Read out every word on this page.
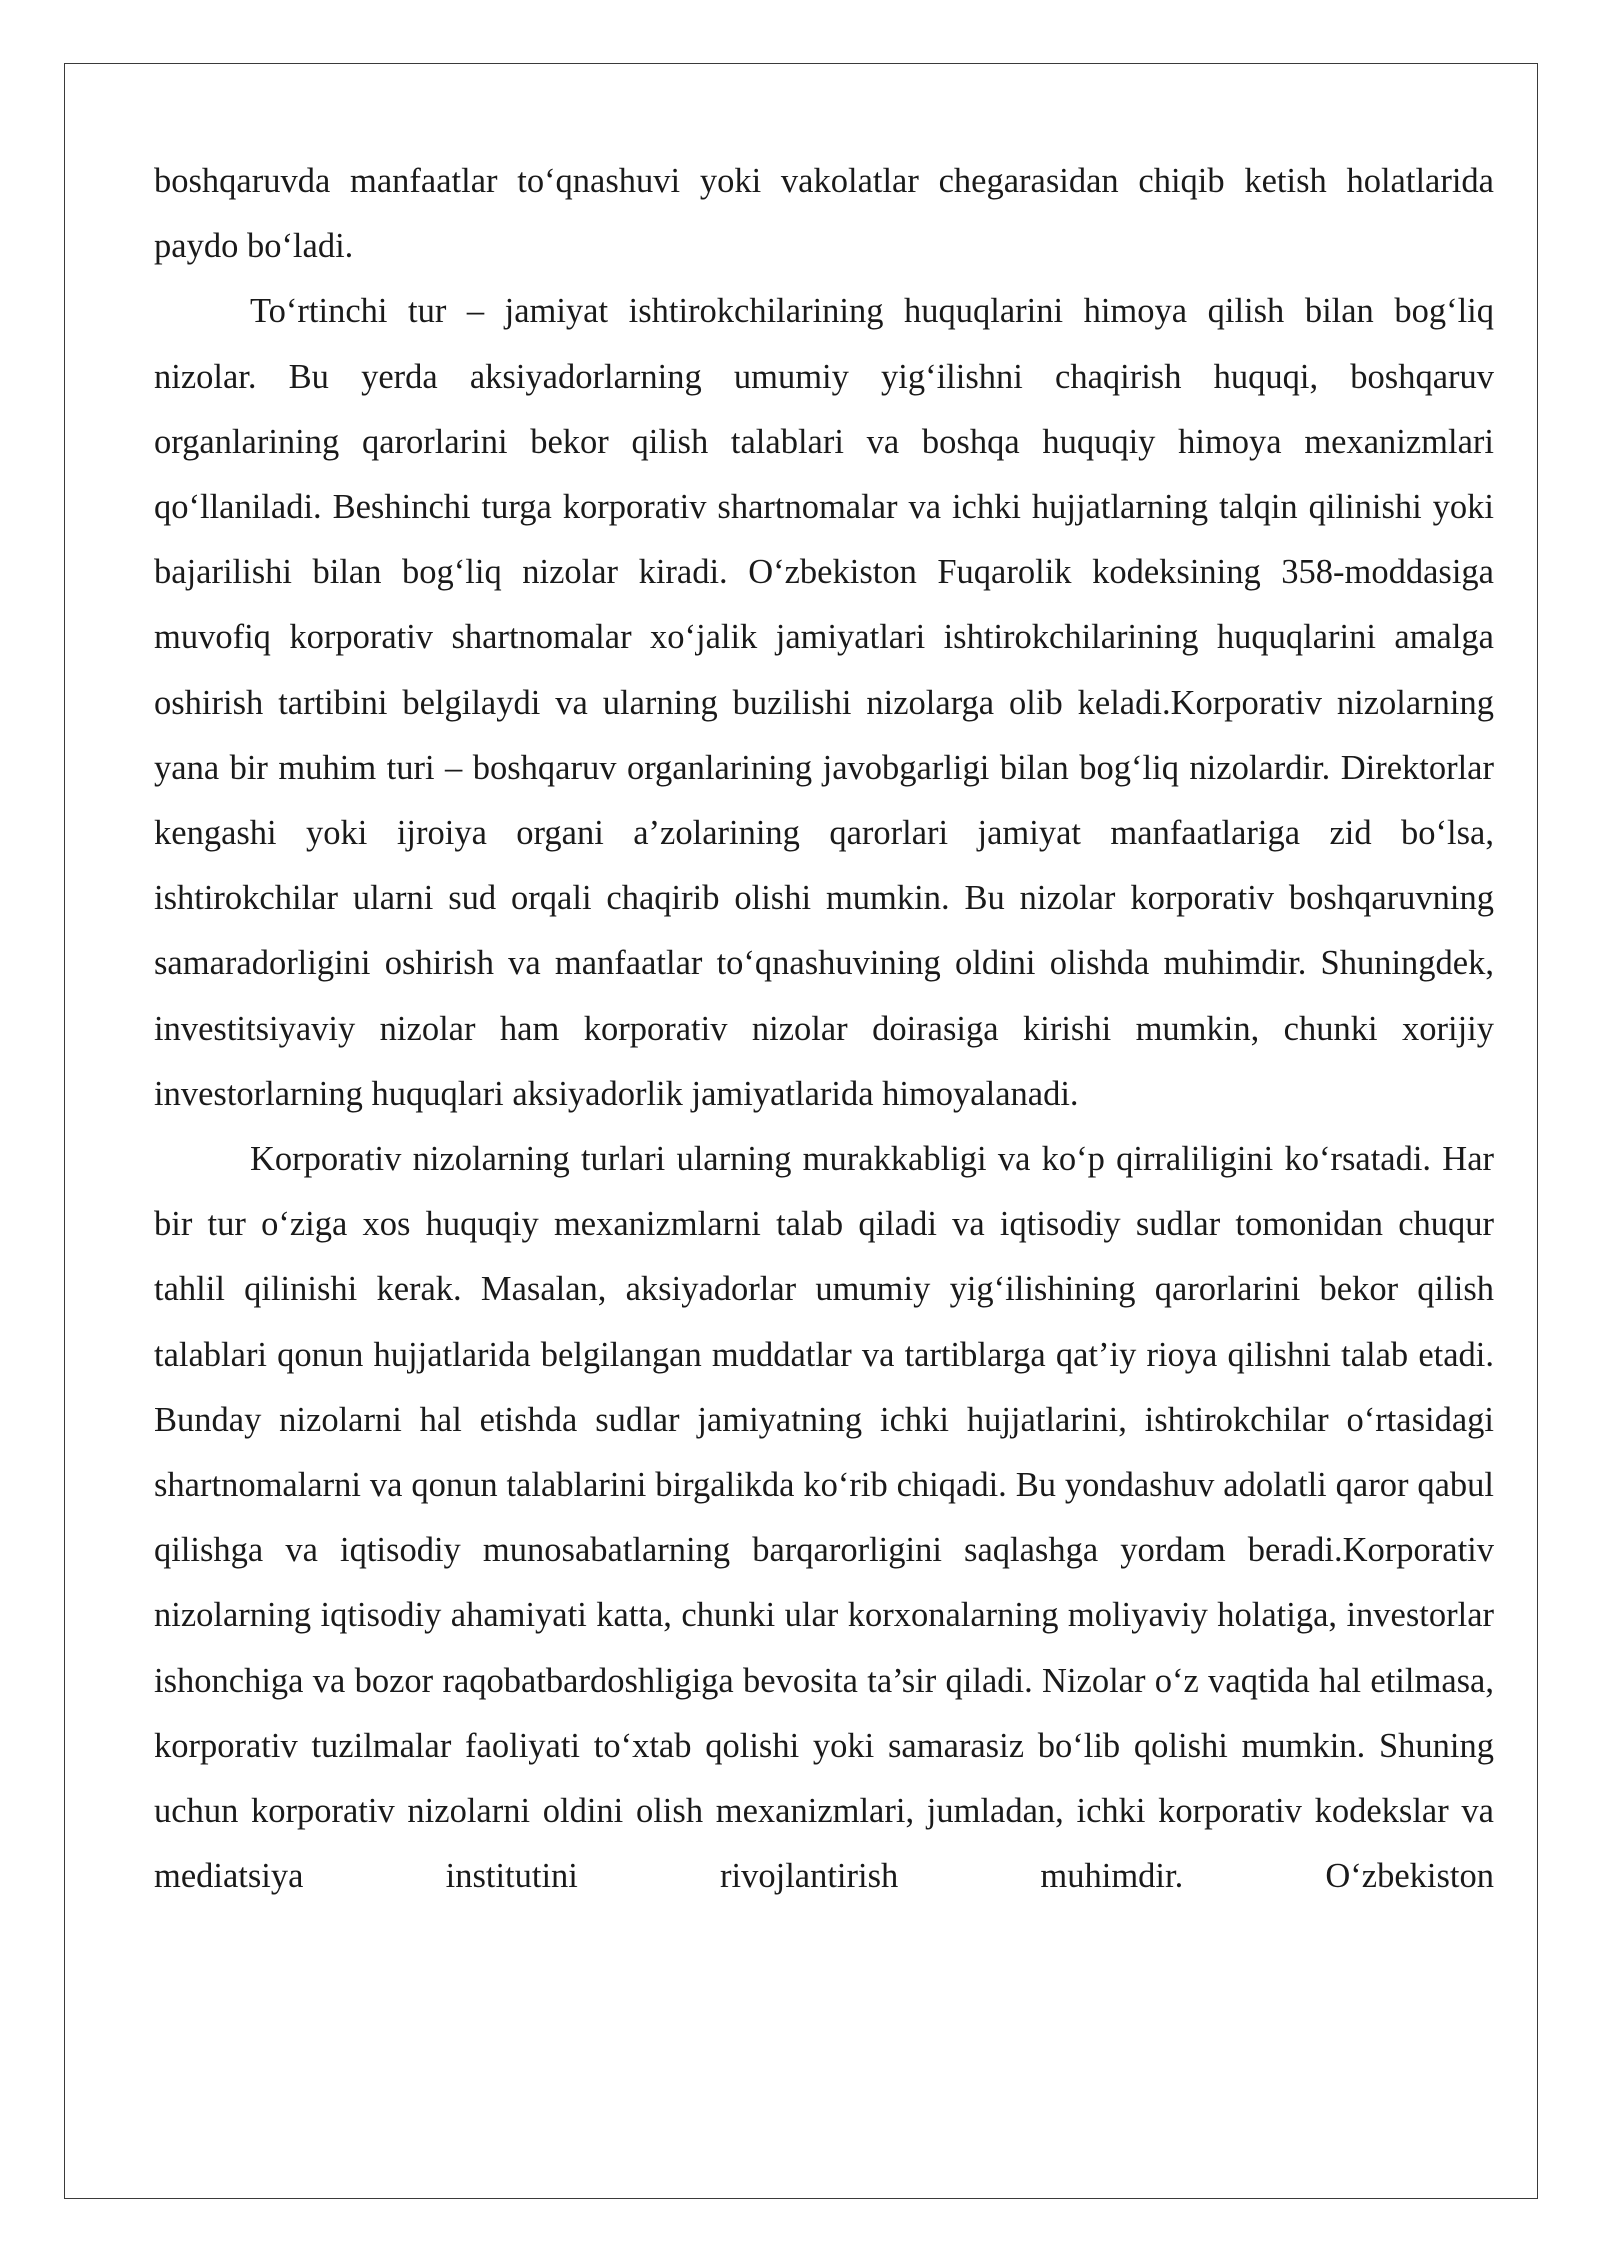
boshqaruvda manfaatlar to‘qnashuvi yoki vakolatlar chegarasidan chiqib ketish holatlarida paydo bo‘ladi.

To‘rtinchi tur – jamiyat ishtirokchilarining huquqlarini himoya qilish bilan bog‘liq nizolar. Bu yerda aksiyadorlarning umumiy yig‘ilishni chaqirish huquqi, boshqaruv organlarining qarorlarini bekor qilish talablari va boshqa huquqiy himoya mexanizmlari qo‘llaniladi. Beshinchi turga korporativ shartnomalar va ichki hujjatlarning talqin qilinishi yoki bajarilishi bilan bog‘liq nizolar kiradi. O‘zbekiston Fuqarolik kodeksining 358-moddasiga muvofiq korporativ shartnomalar xo‘jalik jamiyatlari ishtirokchilarining huquqlarini amalga oshirish tartibini belgilaydi va ularning buzilishi nizolarga olib keladi.Korporativ nizolarning yana bir muhim turi – boshqaruv organlarining javobgarligi bilan bog‘liq nizolardir. Direktorlar kengashi yoki ijroiya organi a’zolarining qarorlari jamiyat manfaatlariga zid bo‘lsa, ishtirokchilar ularni sud orqali chaqirib olishi mumkin. Bu nizolar korporativ boshqaruvning samaradorligini oshirish va manfaatlar to‘qnashuvining oldini olishda muhimdir. Shuningdek, investitsiyaviy nizolar ham korporativ nizolar doirasiga kirishi mumkin, chunki xorijiy investorlarning huquqlari aksiyadorlik jamiyatlarida himoyalanadi.

Korporativ nizolarning turlari ularning murakkabligi va ko‘p qirraliligini ko‘rsatadi. Har bir tur o‘ziga xos huquqiy mexanizmlarni talab qiladi va iqtisodiy sudlar tomonidan chuqur tahlil qilinishi kerak. Masalan, aksiyadorlar umumiy yig‘ilishining qarorlarini bekor qilish talablari qonun hujjatlarida belgilangan muddatlar va tartiblarga qat’iy rioya qilishni talab etadi. Bunday nizolarni hal etishda sudlar jamiyatning ichki hujjatlarini, ishtirokchilar o‘rtasidagi shartnomalarni va qonun talablarini birgalikda ko‘rib chiqadi. Bu yondashuv adolatli qaror qabul qilishga va iqtisodiy munosabatlarning barqarorligini saqlashga yordam beradi.Korporativ nizolarning iqtisodiy ahamiyati katta, chunki ular korxonalarning moliyaviy holatiga, investorlar ishonchiga va bozor raqobatbardoshligiga bevosita ta’sir qiladi. Nizolar o‘z vaqtida hal etilmasa, korporativ tuzilmalar faoliyati to‘xtab qolishi yoki samarasiz bo‘lib qolishi mumkin. Shuning uchun korporativ nizolarni oldini olish mexanizmlari, jumladan, ichki korporativ kodekslar va mediatsiya institutini rivojlantirish muhimdir. O‘zbekiston
